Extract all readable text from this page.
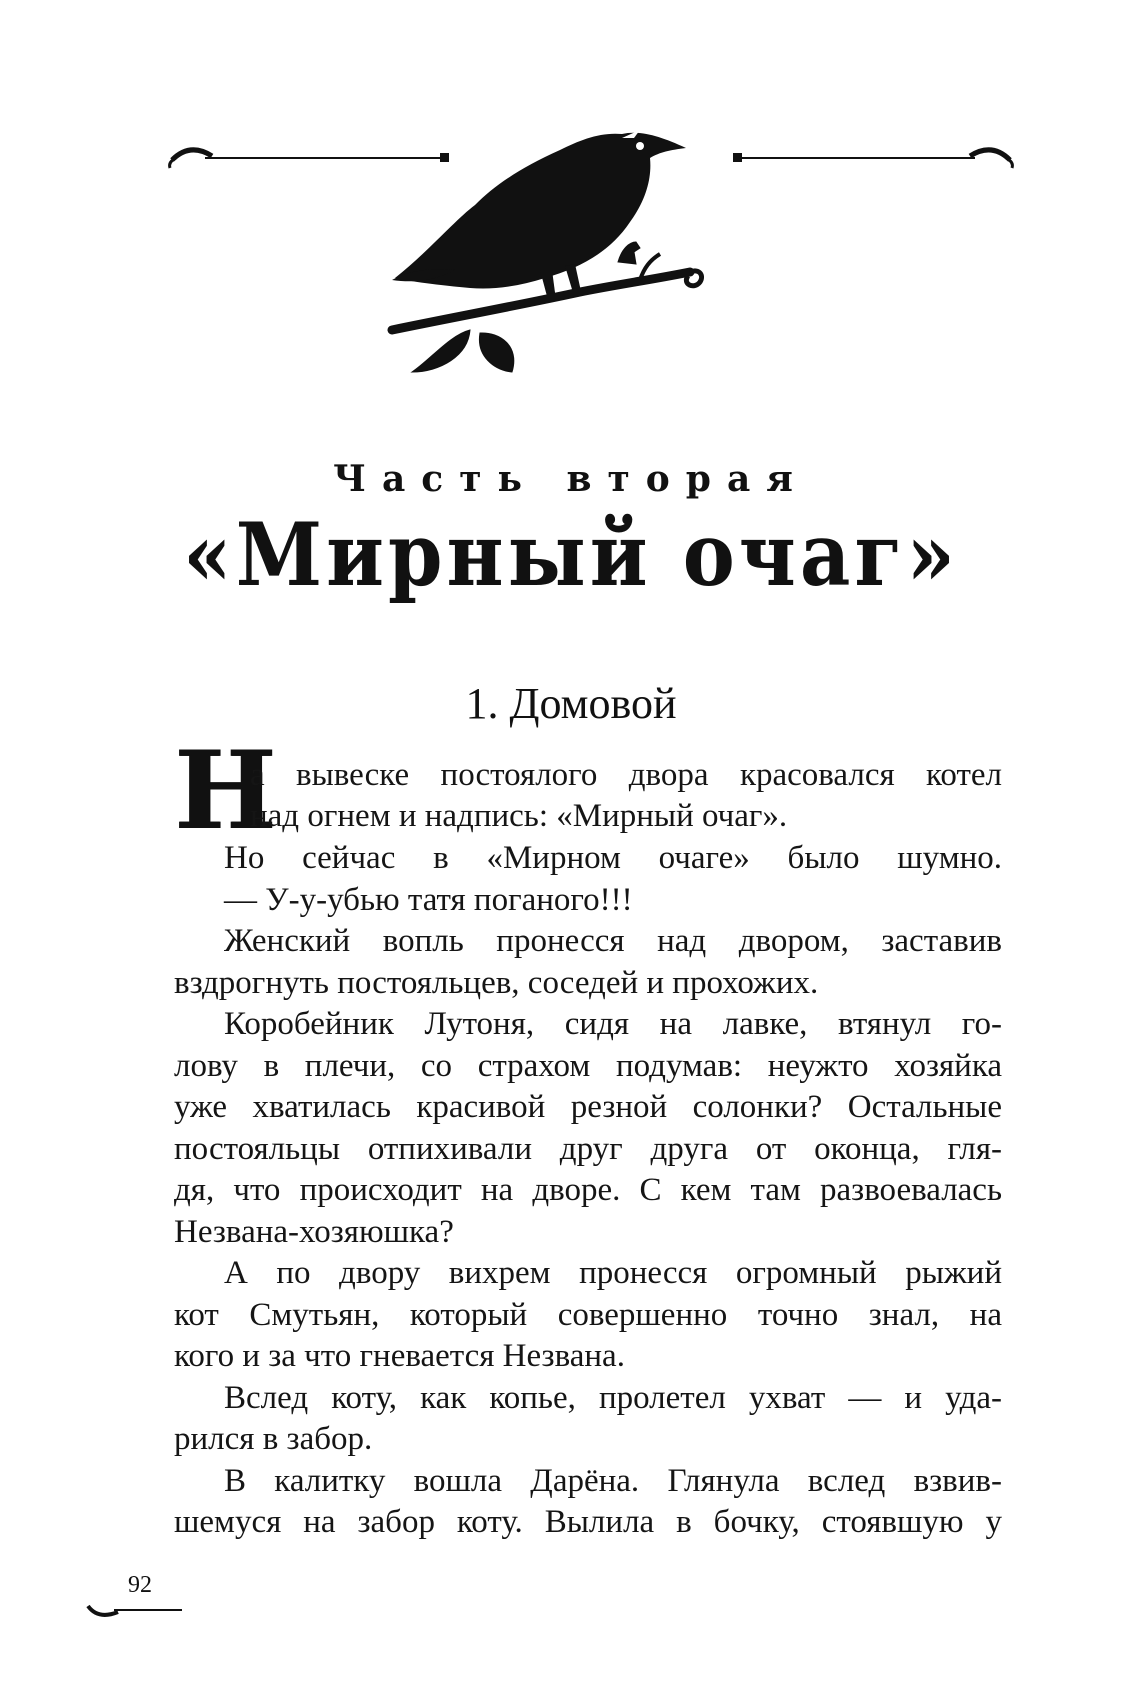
Часть вторая
«Мирный очаг»
1. Домовой
Н
а вывеске постоялого двора красовался котел
над огнем и надпись: «Мирный очаг».
Но сейчас в «Мирном очаге» было шумно.
— У-у-убью татя поганого!!!
Женский вопль пронесся над двором, заставив
вздрогнуть постояльцев, соседей и прохожих.
Коробейник Лутоня, сидя на лавке, втянул го-
лову в плечи, со страхом подумав: неужто хозяйка
уже хватилась красивой резной солонки? Остальные
постояльцы отпихивали друг друга от оконца, гля-
дя, что происходит на дворе. С кем там развоевалась
Незвана-хозяюшка?
А по двору вихрем пронесся огромный рыжий
кот Смутьян, который совершенно точно знал, на
кого и за что гневается Незвана.
Вслед коту, как копье, пролетел ухват — и уда-
рился в забор.
В калитку вошла Дарёна. Глянула вслед взвив-
шемуся на забор коту. Вылила в бочку, стоявшую у
92
